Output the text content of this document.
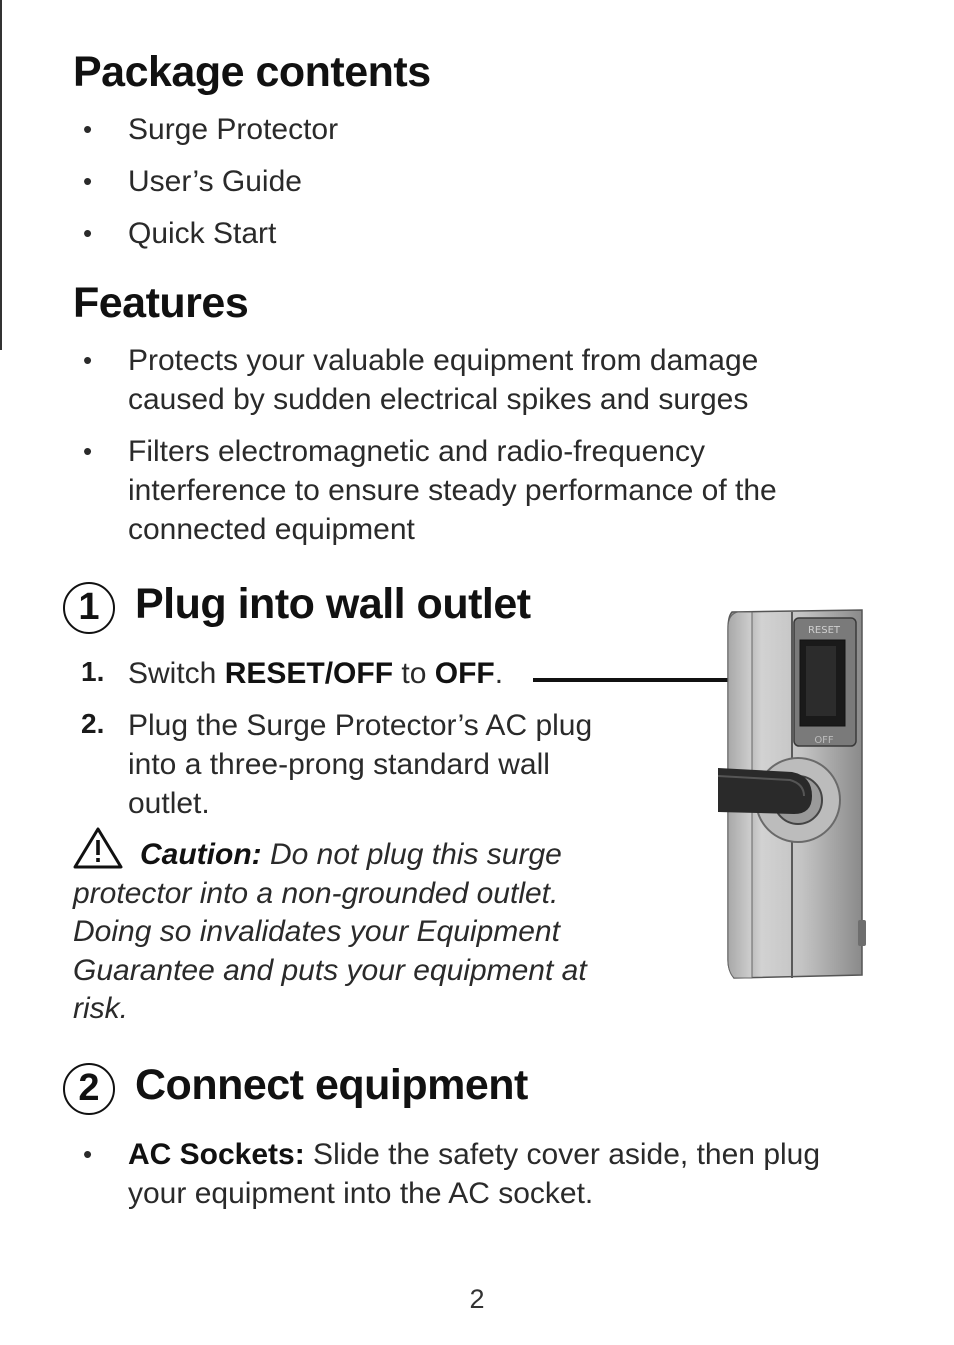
Package contents
• Surge Protector
• User’s Guide
• Quick Start
Features
• Protects your valuable equipment from damage caused by sudden electrical spikes and surges
• Filters electromagnetic and radio-frequency interference to ensure steady performance of the connected equipment
1 Plug into wall outlet
1. Switch RESET/OFF to OFF.
2. Plug the Surge Protector’s AC plug into a three-prong standard wall outlet.
Caution: Do not plug this surge protector into a non-grounded outlet. Doing so invalidates your Equipment Guarantee and puts your equipment at risk.
RESET
OFF
2 Connect equipment
• AC Sockets: Slide the safety cover aside, then plug your equipment into the AC socket.
2
